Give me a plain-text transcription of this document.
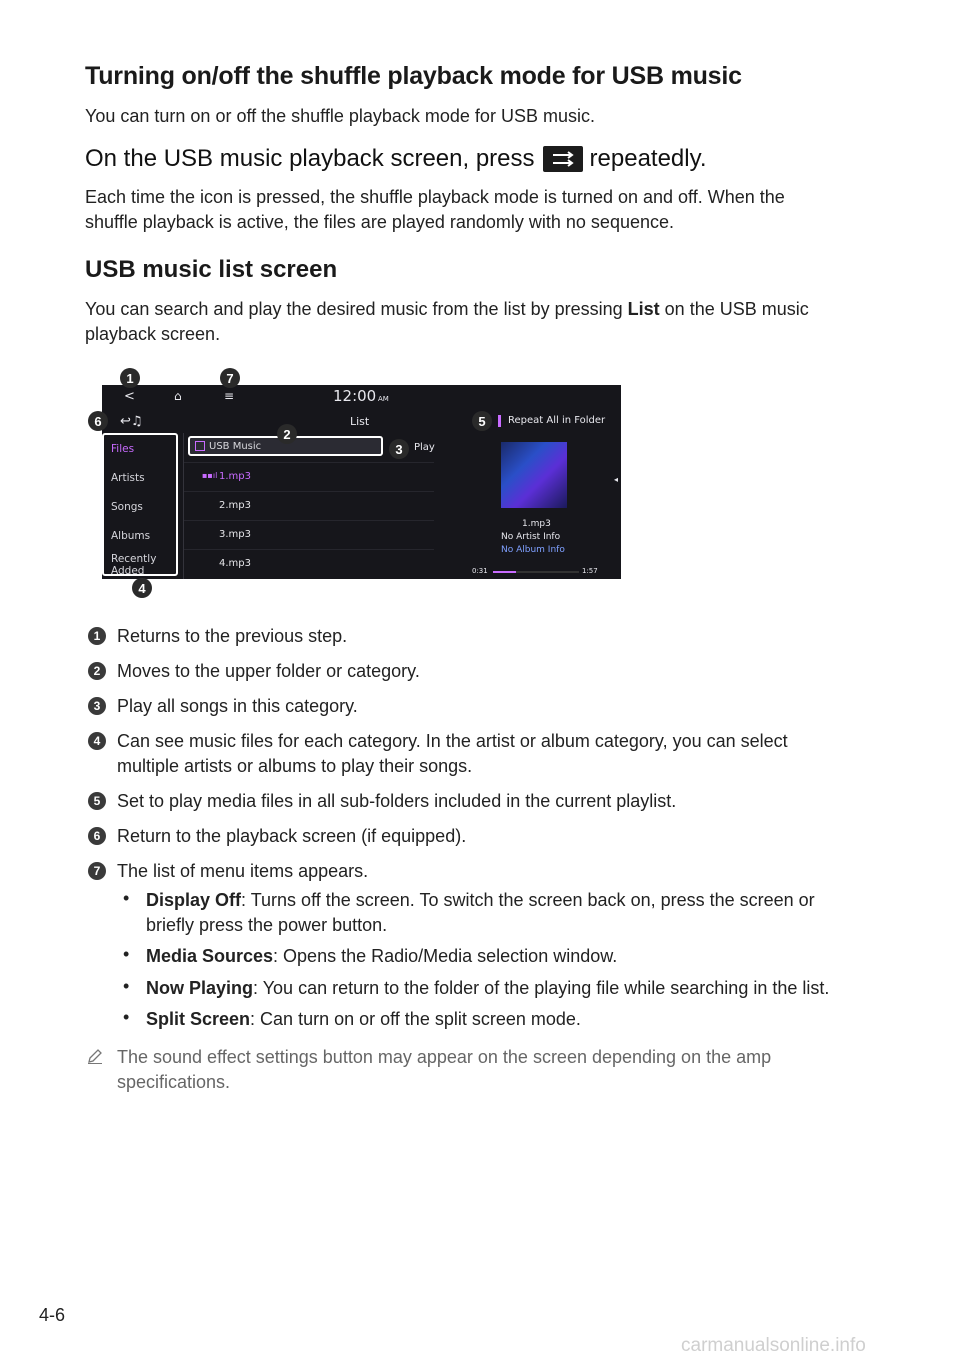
Turning on/off the shuffle playback mode for USB music
You can turn on or off the shuffle playback mode for USB music.
On the USB music playback screen, press repeatedly.
Each time the icon is pressed, the shuffle playback mode is turned on and off. When the
shuffle playback is active, the files are played randomly with no sequence.
USB music list screen
You can search and play the desired music from the list by pressing List on the USB music
playback screen.
<	⌂	≡	12:00 AM
List
↩♫	Repeat All in Folder
Files
Artists
Songs
Albums
Recently
Added
USB Music	Play
▪▪ıl 1.mp3
2.mp3
3.mp3
4.mp3
1.mp3
No Artist Info
No Album Info
0:31	1:57
◂
1	7
6	5
2
3
4
1 Returns to the previous step.
2 Moves to the upper folder or category.
3 Play all songs in this category.
4 Can see music files for each category. In the artist or album category, you can select
multiple artists or albums to play their songs.
5 Set to play media files in all sub-folders included in the current playlist.
6 Return to the playback screen (if equipped).
7 The list of menu items appears.
• Display Off: Turns off the screen. To switch the screen back on, press the screen or
briefly press the power button.
• Media Sources: Opens the Radio/Media selection window.
• Now Playing: You can return to the folder of the playing file while searching in the list.
• Split Screen: Can turn on or off the split screen mode.
The sound effect settings button may appear on the screen depending on the amp
specifications.
4-6
carmanualsonline.info
